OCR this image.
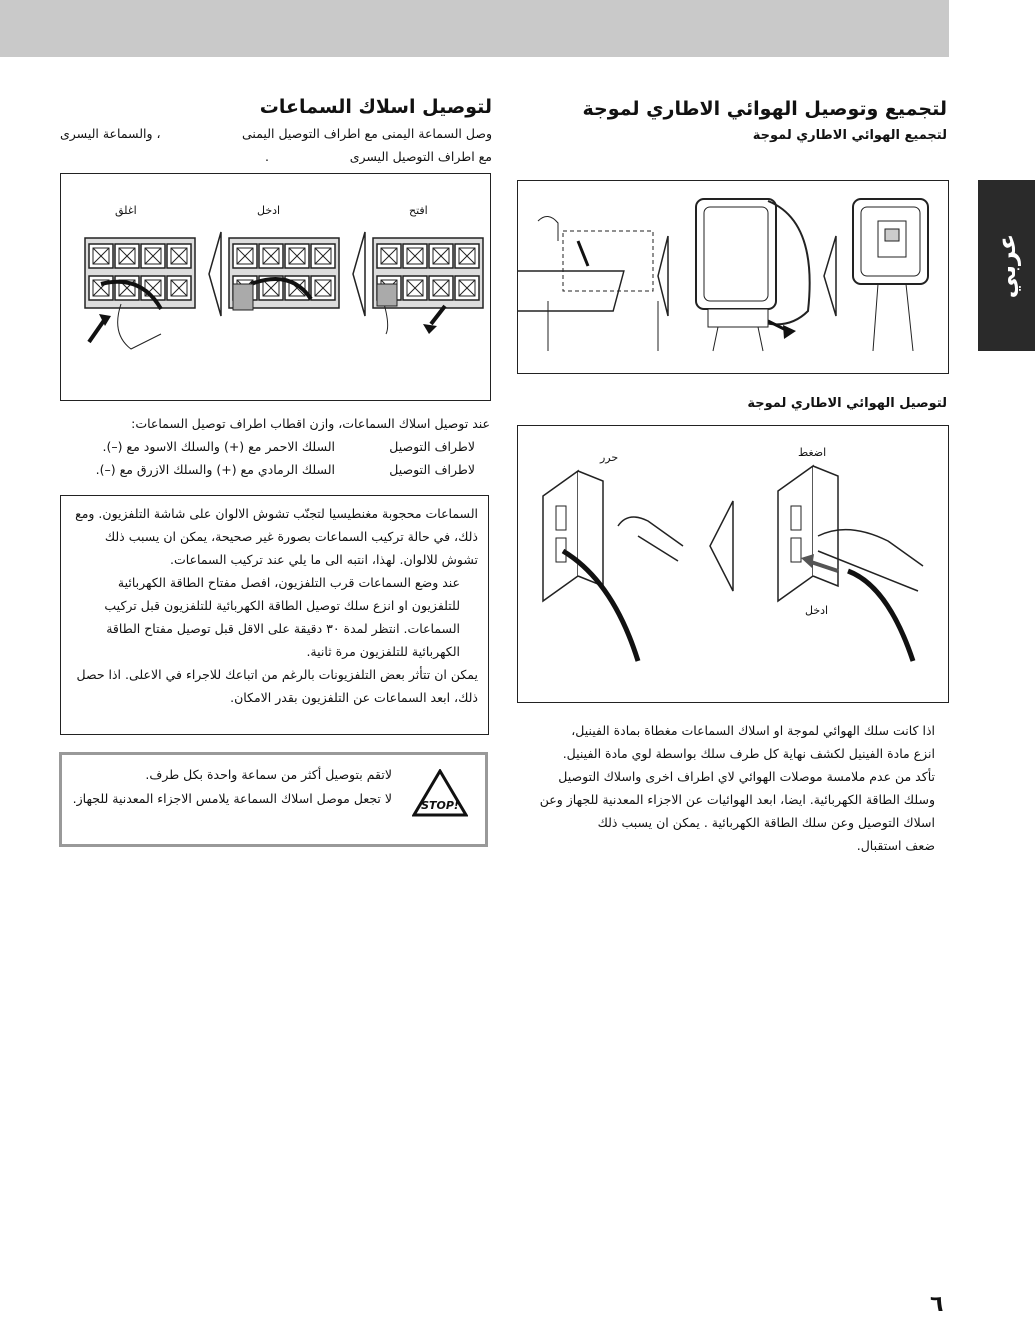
عربي
لتوصيل اسلاك السماعات
وصل السماعة اليمنى مع اطراف التوصيل اليمنى
، والسماعة اليسرى
مع اطراف التوصيل اليسرى
.
اغلق	ادخل	افتح
عند توصيل اسلاك السماعات، وازن اقطاب اطراف توصيل السماعات:
لاطراف التوصيل
السلك الاحمر مع (+) والسلك الاسود مع (–).
لاطراف التوصيل
السلك الرمادي مع (+) والسلك الازرق مع (–).

السماعات محجوبة مغنطيسيا لتجنّب تشوش الالوان على شاشة التلفزيون. ومع ذلك، في حالة تركيب السماعات بصورة غير صحيحة، يمكن ان يسبب ذلك تشوش للالوان. لهذا، انتبه الى ما يلي عند تركيب السماعات.

عند وضع السماعات قرب التلفزيون، افصل مفتاح الطاقة الكهربائية للتلفزيون او انزع سلك توصيل الطاقة الكهربائية للتلفزيون قبل تركيب السماعات. انتظر لمدة ٣٠ دقيقة على الاقل قبل توصيل مفتاح الطاقة الكهربائية للتلفزيون مرة ثانية.

يمكن ان تتأثر بعض التلفزيونات بالرغم من اتباعك للاجراء في الاعلى. اذا حصل ذلك، ابعد السماعات عن التلفزيون بقدر الامكان.

STOP!

لاتقم بتوصيل أكثر من سماعة واحدة بكل طرف.

لا تجعل موصل اسلاك السماعة يلامس الاجزاء المعدنية للجهاز.

لتجميع وتوصيل الهوائي الاطاري لموجة
لتجميع الهوائي الاطاري لموجة
لتوصيل الهوائي الاطاري لموجة
حرر	اضغط
ادخل
اذا كانت سلك الهوائي لموجة او اسلاك السماعات مغطاة بمادة الفينيل،
انزع مادة الفينيل لكشف نهاية كل طرف سلك بواسطة لوي مادة الفينيل.
تأكد من عدم ملامسة موصلات الهوائي لاي اطراف اخرى واسلاك التوصيل
وسلك الطاقة الكهربائية. ايضا، ابعد الهوائيات عن الاجزاء المعدنية للجهاز وعن
اسلاك التوصيل وعن سلك الطاقة الكهربائية . يمكن ان يسبب ذلك
ضعف استقبال.
٦
